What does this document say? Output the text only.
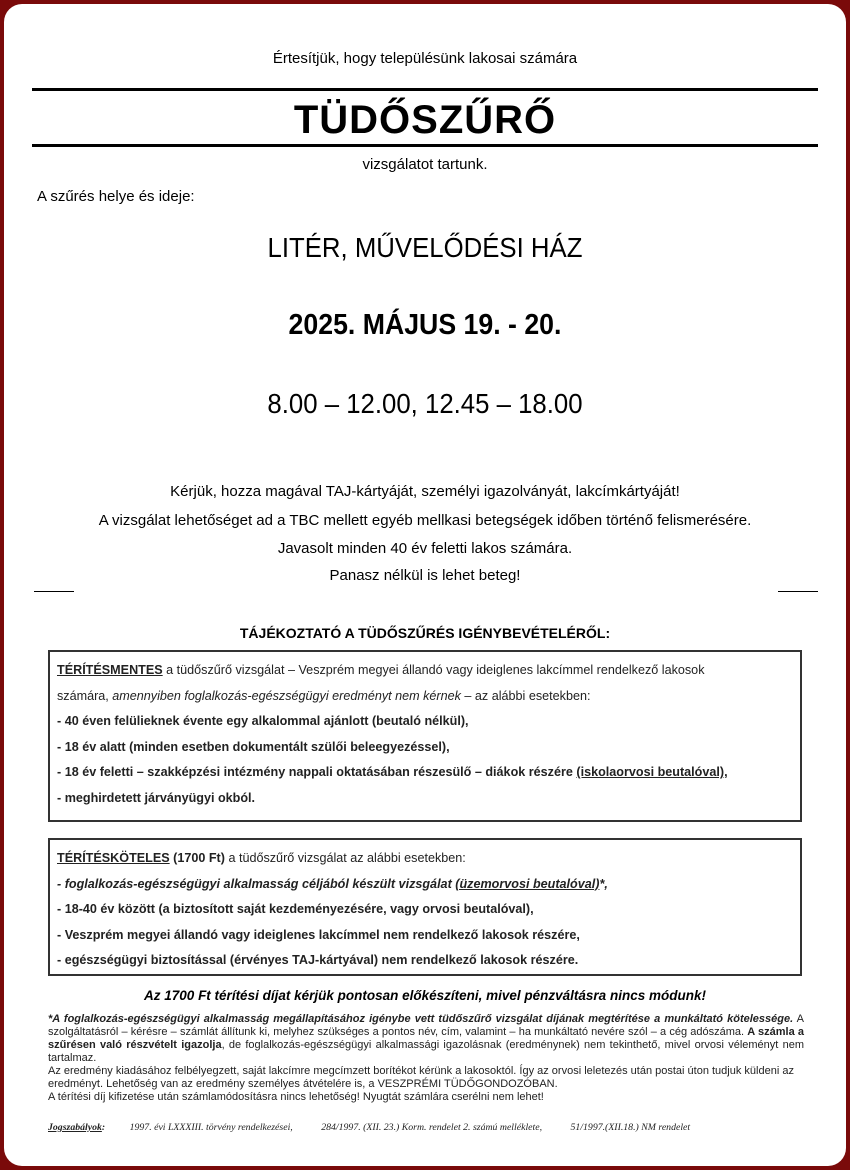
Értesítjük, hogy településünk lakosai számára
TÜDŐSZŰRŐ
vizsgálatot tartunk.
A szűrés helye és ideje:
LITÉR, MŰVELŐDÉSI HÁZ
2025. MÁJUS 19. - 20.
8.00 – 12.00, 12.45 – 18.00
Kérjük, hozza magával TAJ-kártyáját, személyi igazolványát, lakcímkártyáját!
A vizsgálat lehetőséget ad a TBC mellett egyéb mellkasi betegségek időben történő felismerésére.
Javasolt minden 40 év feletti lakos számára.
Panasz nélkül is lehet beteg!
TÁJÉKOZTATÓ A TÜDŐSZŰRÉS IGÉNYBEVÉTELÉRŐL:
TÉRÍTÉSMENTES a tüdőszűrő vizsgálat – Veszprém megyei állandó vagy ideiglenes lakcímmel rendelkező lakosok
számára, amennyiben foglalkozás-egészségügyi eredményt nem kérnek – az alábbi esetekben:
- 40 éven felülieknek évente egy alkalommal ajánlott (beutaló nélkül),
- 18 év alatt (minden esetben dokumentált szülői beleegyezéssel),
- 18 év feletti – szakképzési intézmény nappali oktatásában részesülő – diákok részére (iskolaorvosi beutalóval),
- meghirdetett járványügyi okból.
TÉRÍTÉSKÖTELES (1700 Ft) a tüdőszűrő vizsgálat az alábbi esetekben:
- foglalkozás-egészségügyi alkalmasság céljából készült vizsgálat (üzemorvosi beutalóval)*,
- 18-40 év között (a biztosított saját kezdeményezésére, vagy orvosi beutalóval),
- Veszprém megyei állandó vagy ideiglenes lakcímmel nem rendelkező lakosok részére,
- egészségügyi biztosítással (érvényes TAJ-kártyával) nem rendelkező lakosok részére.
Az 1700 Ft térítési díjat kérjük pontosan előkészíteni, mivel pénzváltásra nincs módunk!

*A foglalkozás-egészségügyi alkalmasság megállapításához igénybe vett tüdőszűrő vizsgálat díjának megtérítése a munkáltató kötelessége. A szolgáltatásról – kérésre – számlát állítunk ki, melyhez szükséges a pontos név, cím, valamint – ha munkáltató nevére szól – a cég adószáma. A számla a szűrésen való részvételt igazolja, de foglalkozás-egészségügyi alkalmassági igazolásnak (eredménynek) nem tekinthető, mivel orvosi véleményt nem tartalmaz.

Az eredmény kiadásához felbélyegzett, saját lakcímre megcímzett borítékot kérünk a lakosoktól. Így az orvosi leletezés után postai úton tudjuk küldeni az eredményt. Lehetőség van az eredmény személyes átvételére is, a VESZPRÉMI TÜDŐGONDOZÓBAN.

A térítési díj kifizetése után számlamódosításra nincs lehetőség! Nyugtát számlára cserélni nem lehet!

Jogszabályok: 1997. évi LXXXIII. törvény rendelkezései,	284/1997. (XII. 23.) Korm. rendelet 2. számú melléklete,	51/1997.(XII.18.) NM rendelet
